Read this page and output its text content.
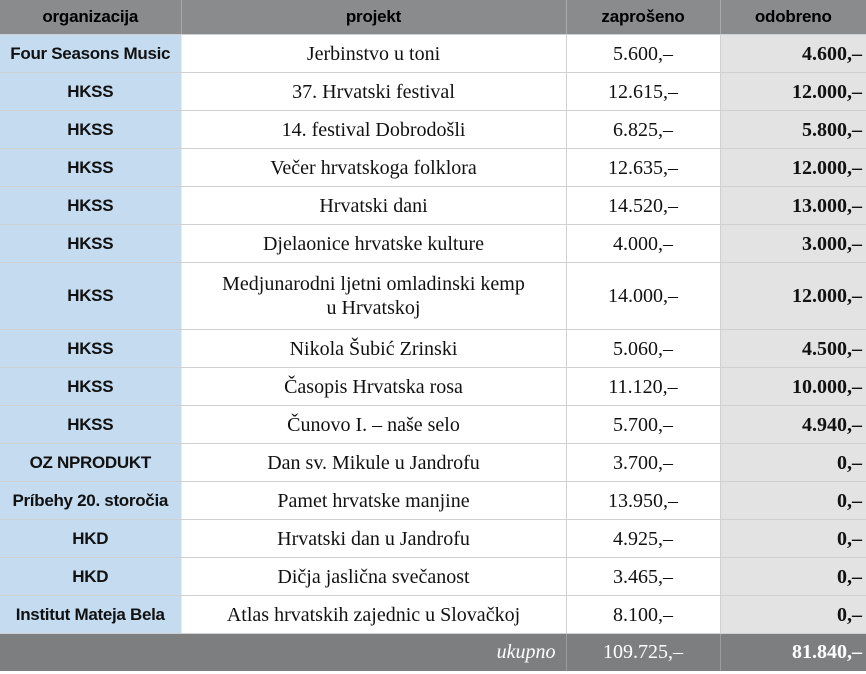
organizacija	projekt	zaprošeno	odobreno
Four Seasons Music	Jerbinstvo u toni	5.600,–	4.600,–
HKSS	37. Hrvatski festival	12.615,–	12.000,–
HKSS	14. festival Dobrodošli	6.825,–	5.800,–
HKSS	Večer hrvatskoga folklora	12.635,–	12.000,–
HKSS	Hrvatski dani	14.520,–	13.000,–
HKSS	Djelaonice hrvatske kulture	4.000,–	3.000,–
HKSS	Medjunarodni ljetni omladinski kemp u Hrvatskoj	14.000,–	12.000,–
HKSS	Nikola Šubić Zrinski	5.060,–	4.500,–
HKSS	Časopis Hrvatska rosa	11.120,–	10.000,–
HKSS	Čunovo I. – naše selo	5.700,–	4.940,–
OZ NPRODUKT	Dan sv. Mikule u Jandrofu	3.700,–	0,–
Príbehy 20. storočia	Pamet hrvatske manjine	13.950,–	0,–
HKD	Hrvatski dan u Jandrofu	4.925,–	0,–
HKD	Dičja jaslična svečanost	3.465,–	0,–
Institut Mateja Bela	Atlas hrvatskih zajednic u Slovačkoj	8.100,–	0,–
ukupno		109.725,–	81.840,–
